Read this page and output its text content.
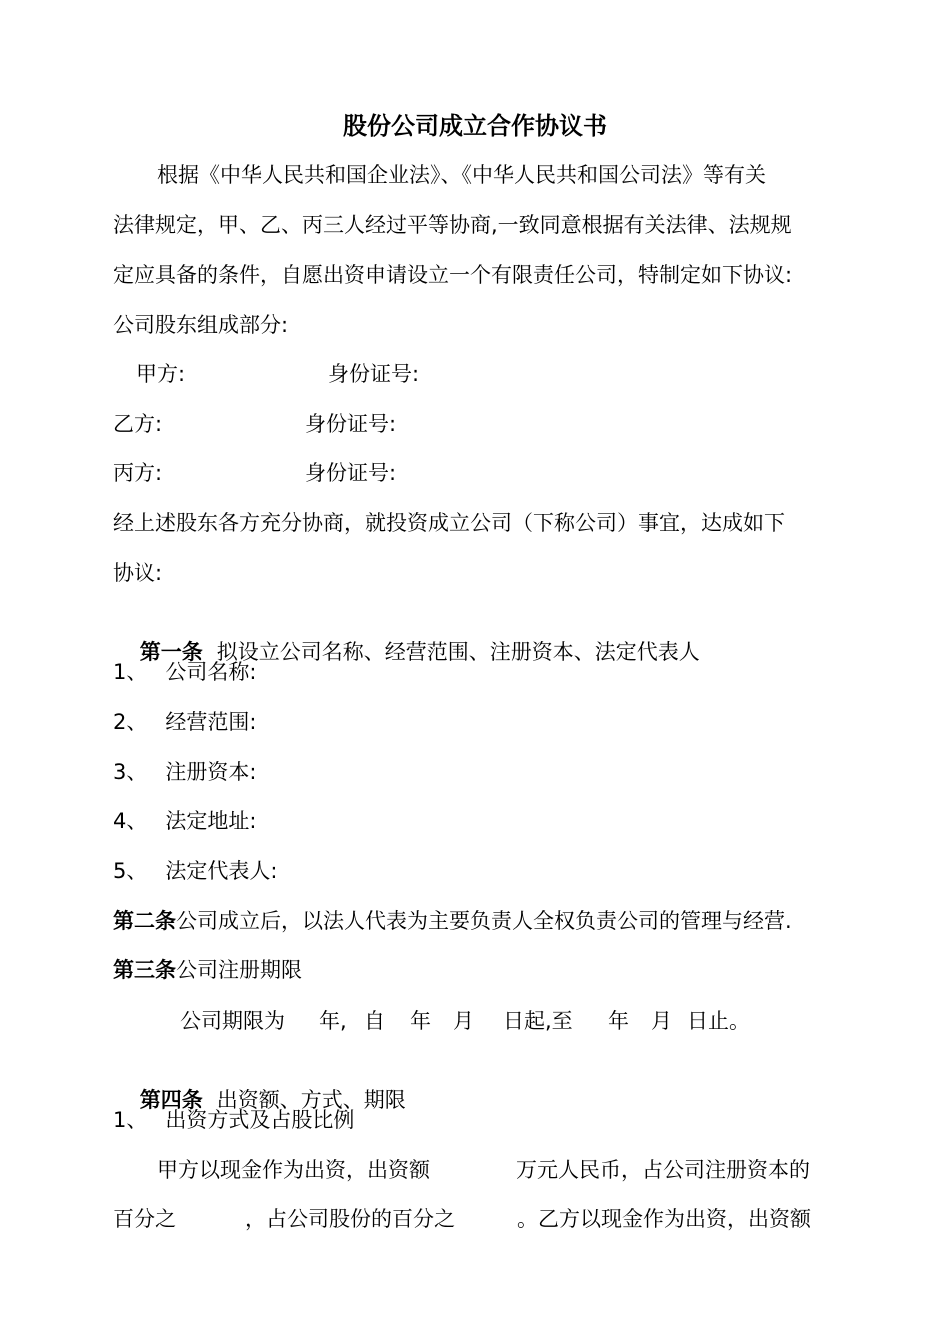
股份公司成立合作协议书
根据《中华人民共和国企业法》、《中华人民共和国公司法》等有关
法律规定，甲、乙、丙三人经过平等协商,一致同意根据有关法律、法规规
定应具备的条件，自愿出资申请设立一个有限责任公司，特制定如下协议:
公司股东组成部分:
甲方:	身份证号:
乙方:	身份证号:
丙方:	身份证号:
经上述股东各方充分协商，就投资成立公司（下称公司）事宜，达成如下
协议:

第一条 拟设立公司名称、经营范围、注册资本、法定代表人

1、 公司名称:
2、 经营范围:
3、 注册资本:
4、 法定地址:
5、 法定代表人:
第二条公司成立后，以法人代表为主要负责人全权负责公司的管理与经营.
第三条公司注册期限
公司期限为 年, 自 年 月 日起,至 年 月 日止。

第四条 出资额、方式、期限

1、 出资方式及占股比例
甲方以现金作为出资，出资额	万元人民币，占公司注册资本的
百分之	，占公司股份的百分之	。乙方以现金作为出资，出资额
